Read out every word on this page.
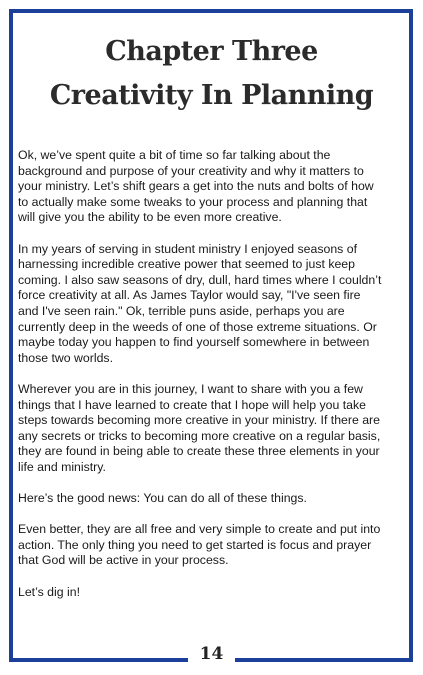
Chapter Three
Creativity In Planning

Ok, we’ve spent quite a bit of time so far talking about the background and purpose of your creativity and why it matters to your ministry. Let’s shift gears a get into the nuts and bolts of how to actually make some tweaks to your process and planning that will give you the ability to be even more creative.

In my years of serving in student ministry I enjoyed seasons of harnessing incredible creative power that seemed to just keep coming. I also saw seasons of dry, dull, hard times where I couldn’t force creativity at all. As James Taylor would say, "I've seen fire and I've seen rain." Ok, terrible puns aside, perhaps you are currently deep in the weeds of one of those extreme situations. Or maybe today you happen to find yourself somewhere in between those two worlds.

Wherever you are in this journey, I want to share with you a few things that I have learned to create that I hope will help you take steps towards becoming more creative in your ministry. If there are any secrets or tricks to becoming more creative on a regular basis, they are found in being able to create these three elements in your life and ministry.

Here’s the good news: You can do all of these things.

Even better, they are all free and very simple to create and put into action. The only thing you need to get started is focus and prayer that God will be active in your process.

Let’s dig in!

14
